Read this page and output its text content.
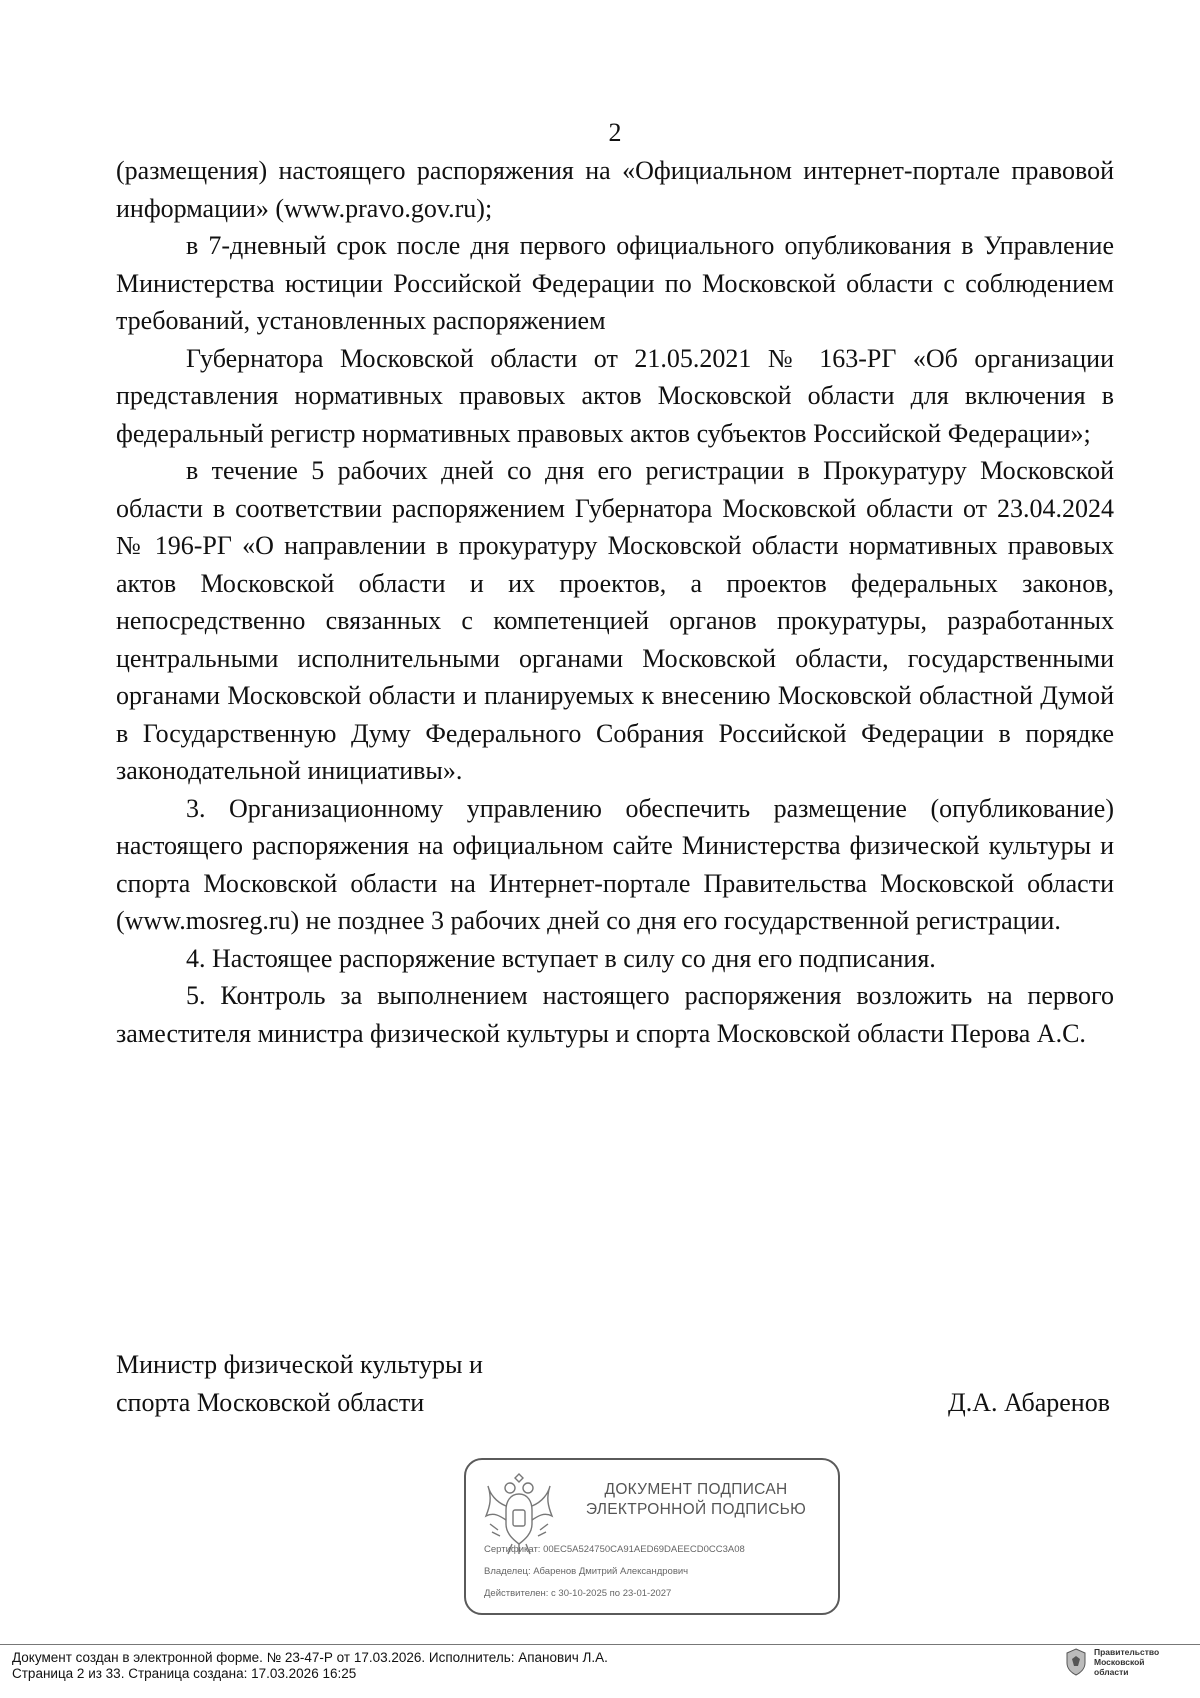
2

(размещения) настоящего распоряжения на «Официальном интернет-портале правовой информации» (www.pravo.gov.ru);

в 7-дневный срок после дня первого официального опубликования в Управление Министерства юстиции Российской Федерации по Московской области с соблюдением требований, установленных распоряжением

Губернатора Московской области от 21.05.2021 № 163-РГ «Об организации представления нормативных правовых актов Московской области для включения в федеральный регистр нормативных правовых актов субъектов Российской Федерации»;

в течение 5 рабочих дней со дня его регистрации в Прокуратуру Московской области в соответствии распоряжением Губернатора Московской области от 23.04.2024 № 196-РГ «О направлении в прокуратуру Московской области нормативных правовых актов Московской области и их проектов, а проектов федеральных законов, непосредственно связанных с компетенцией органов прокуратуры, разработанных центральными исполнительными органами Московской области, государственными органами Московской области и планируемых к внесению Московской областной Думой в Государственную Думу Федерального Собрания Российской Федерации в порядке законодательной инициативы».

3. Организационному управлению обеспечить размещение (опубликование) настоящего распоряжения на официальном сайте Министерства физической культуры и спорта Московской области на Интернет-портале Правительства Московской области (www.mosreg.ru) не позднее 3 рабочих дней со дня его государственной регистрации.

4. Настоящее распоряжение вступает в силу со дня его подписания.

5. Контроль за выполнением настоящего распоряжения возложить на первого заместителя министра физической культуры и спорта Московской области Перова А.С.

Министр физической культуры и
спорта Московской области	Д.А. Абаренов
ДОКУМЕНТ ПОДПИСАН
ЭЛЕКТРОННОЙ ПОДПИСЬЮ
Сертификат: 00EC5A524750CA91AED69DAEECD0CC3A08
Владелец: Абаренов Дмитрий Александрович
Действителен: с 30-10-2025 по 23-01-2027
Документ создан в электронной форме. № 23-47-Р от 17.03.2026. Исполнитель: Апанович Л.А.
Страница 2 из 33. Страница создана: 17.03.2026 16:25
Правительство
Московской области
